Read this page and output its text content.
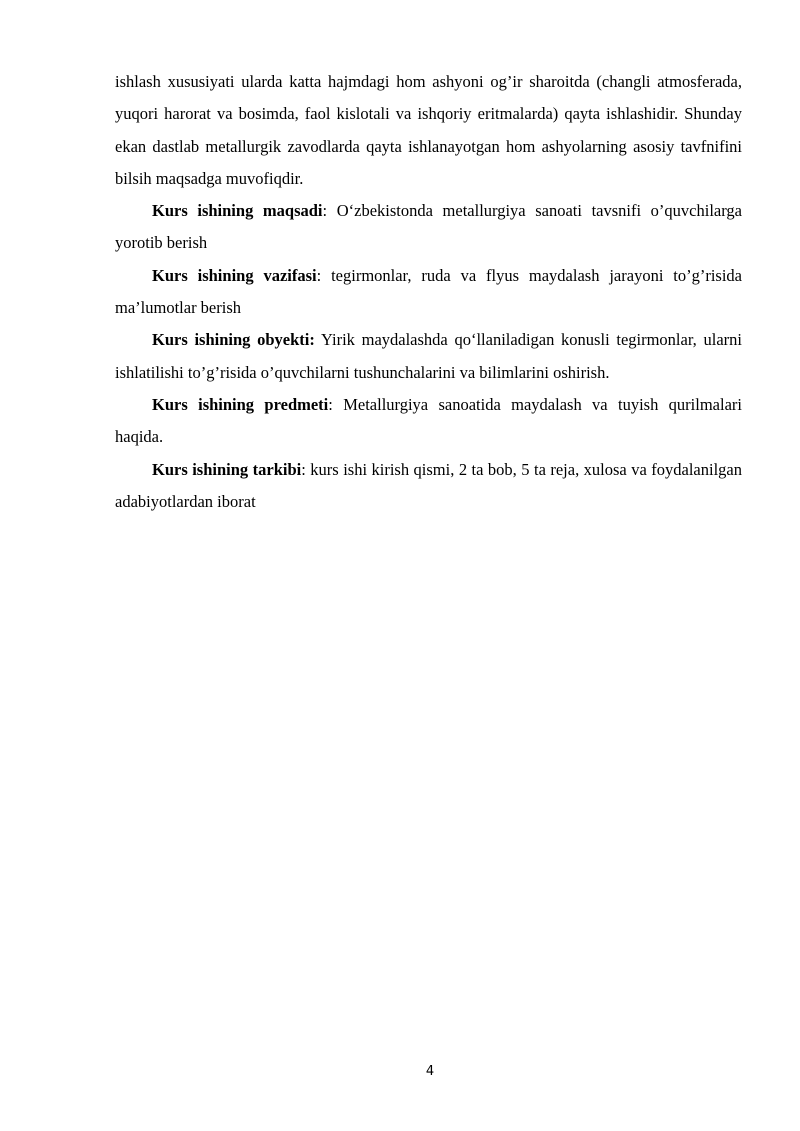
ishlash xususiyati ularda katta hajmdagi hom ashyoni og’ir sharoitda (changli atmosferada, yuqori harorat va bosimda, faol kislotali va ishqoriy eritmalarda) qayta ishlashidir. Shunday ekan dastlab metallurgik zavodlarda qayta ishlanayotgan hom ashyolarning asosiy tavfnifini bilsih maqsadga muvofiqdir.

Kurs ishining maqsadi: O‘zbekistonda metallurgiya sanoati tavsnifi o’quvchilarga yorotib berish

Kurs ishining vazifasi: tegirmonlar, ruda va flyus maydalash jarayoni to’g’risida ma’lumotlar berish

Kurs ishining obyekti: Yirik maydalashda qo‘llaniladigan konusli tegirmonlar, ularni ishlatilishi to’g’risida o’quvchilarni tushunchalarini va bilimlarini oshirish.

Kurs ishining predmeti: Metallurgiya sanoatida maydalash va tuyish qurilmalari haqida.

Kurs ishining tarkibi: kurs ishi kirish qismi, 2 ta bob, 5 ta reja, xulosa va foydalanilgan adabiyotlardan iborat

4
